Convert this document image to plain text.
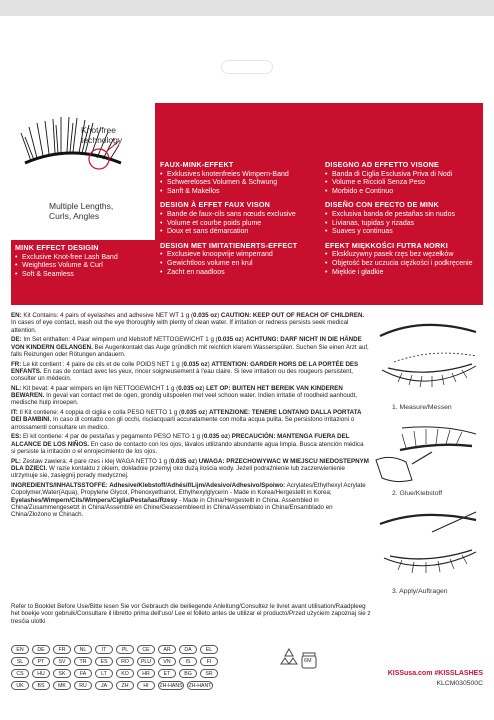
Knot-free
technology
Multiple Lengths,
Curls, Angles
MINK EFFECT DESIGIN
• Exclusive Knot-free Lash Band
• Weightless Volume & Curl
• Soft & Seamless
FAUX-MINK-EFFEKT
• Exklusives knotenfreies Wimpern-Band
• Schwereloses Volumen & Schwung
• Sanft & Makellos
DESIGN À EFFET FAUX VISON
• Bande de faux-cils sans nœuds exclusive
• Volume et courbe poids plume
• Doux et sans démarcation
DESIGN MET IMITATIENERTS-EFFECT
• Exclusieve knoopvrije wimperrand
• Gewichtloos volume en krul
• Zacht en naadloos
DISEGNO AD EFFETTO VISONE
• Banda di Ciglia Esclusiva Priva di Nodi
• Volume e Riccioli Senza Peso
• Morbido e Continuo
DISEÑO CON EFECTO DE MINK
• Exclusiva banda de pestañas sin nudos
• Livianas, tupidas y rizadas
• Suaves y continuas
EFEKT MIĘKKOŚCI FUTRA NORKI
• Ekskluzywny pasek rzęs bez węzełków
• Objętość bez uczucia ciężkości i podkręcenie
• Miękkie i gładkie

EN: Kit Contains: 4 pairs of eyelashes and adhesive NET WT 1 g (0.035 oz) CAUTION: KEEP OUT OF REACH OF CHILDREN. In cases of eye contact, wash out the eye thoroughly with plenty of clean water. If irritation or redness persists seek medical attention.

DE: Im Set enthalten: 4 Paar wimpern und klebstoff NETTOGEWICHT 1 g (0.035 oz) ACHTUNG: DARF NICHT IN DIE HÄNDE VON KINDERN GELANGEN. Bei Augenkontakt das Auge gründlich mit reichlich klarem Wasserspülen. Suchen Sie einen Arzt auf, falls Reizungen oder Rötungen andauern.

FR: Le kit contient : 4 paire de cils et de colle POIDS NET 1 g (0.035 oz) ATTENTION: GARDER HORS DE LA PORTÉE DES ENFANTS. En cas de contact avec les yeux, rincer soigneusement à l'eau claire. Si leve irritation ou des rougeurs persistent, consulter un médecin.

NL: Kit bevat: 4 paar wimpers en lijm NETTOGEWICHT 1 g (0.035 oz) LET OP: BUITEN HET BEREIK VAN KINDEREN BEWAREN. In geval van contact met de ogen, grondig uitspoelen met veel schoon water. Indien irritatie of roodheid aanhoudt, medische hulp inroepen.

IT: Il Kit contiene: 4 coppia di ciglia e colla PESO NETTO 1 g (0.035 oz) ATTENZIONE: TENERE LONTANO DALLA PORTATA DEI BAMBINI. In caso di contatto con gli occhi, risciacquarli accuratamente con molta acqua pulita. Se persistono irritazioni o arrossamenti consultare un medico.

ES: El kit contiene: 4 par de pestañas y pegamento PESO NETO 1 g (0.035 oz) PRECAUCIÓN: MANTENGA FUERA DEL ALCANCE DE LOS NIÑOS. En caso de contacto con los ojos, lávalos utilizando abundante agua limpia. Busca atención médica si persiste la irritación o el enrojecimiento de los ojos.

PL: Zestaw zawiera: 4 pare rzes i klej WAGA NETTO 1 g (0.035 oz) UWAGA: PRZECHOWYWAC W MIEJSCU NIEDOSTEPNYM DLA DZIECI. W razie kontaktu z okiem, dokładnie przemyj oko dużą ilościa wody. Jeżeli podrażnienie lub zaczerwienienie utrzymuje sie, zasięgnij porady medycznej.

INGREDIENTS/INHALTSSTOFFE: Adhesive/Klebstoff/Adhésif/Lijm/Adesivo/Adhesivo/Spoiwo: Acrylates/Ethylhexyl Acrylate Copolymer,Water(Aqua), Propylene Glycol, Phenoxyethanol, Ethylhexylglycerin - Made in Korea/Hergestellt in Korea; Eyelashes/Wimpern/Cils/Wimpers/Ciglia/Pestañas/Rzesy - Made in China/Hergestellt in China. Assembled in China/Zusammengesetzt in China/Assemblé en Chine/Geassembleerd in China/Assemblato in China/Ensamblado en China/Złożono w Chinach.

Refer to Booklet Before Use/Bitte lesen Sie vor Gebrauch die beiliegende Anleitung/Consultez le livret avant utilisation/Raadpleeg het boekje voor gebruik/Consultare il libretto prima dell'uso/ Lee el folleto antes de utilizar el producto/Przed użyciem zapoznaj sie z tresćia ulotki
1. Measure/Messen
2. Glue/Klebstoff
3. Apply/Auftragen
EN	DE	FR	NL	IT	PL	CE	AR	DA	EL
SL	PT	SV	TR	ES	RO	PLU	VN	IS	FI
CS	HU	SK	FA	LT	KO	HR	ET	BG	SR
UK	BS	MK	RU	JA	ZH	HI	ZH-HANS	ZH-HANT
6M
KISSusa.com #KISSLASHES
KLCM030500C
